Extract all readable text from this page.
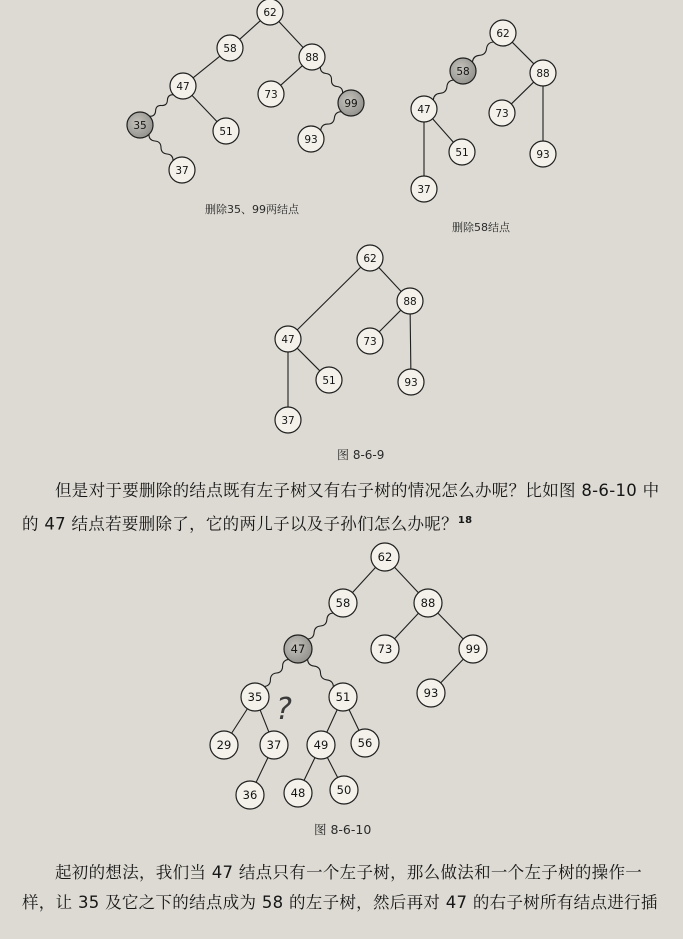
62
58
88
47
73
99
35	51
93
37
删除35、99两结点
62
58	88
47	73
51	93
37
删除58结点
62
88
47	73
51	93
37
图 8-6-9
62
58	88
47	73	99
35	51	93
29	37	49	56
36	48	50
?
图 8-6-10
但是对于要删除的结点既有左子树又有右子树的情况怎么办呢？比如图 8-6-10 中的 47 结点若要删除了，它的两儿子以及子孙们怎么办呢？$^{18}$
起初的想法，我们当 47 结点只有一个左子树，那么做法和一个左子树的操作一样，让 35 及它之下的结点成为 58 的左子树，然后再对 47 的右子树所有结点进行插
